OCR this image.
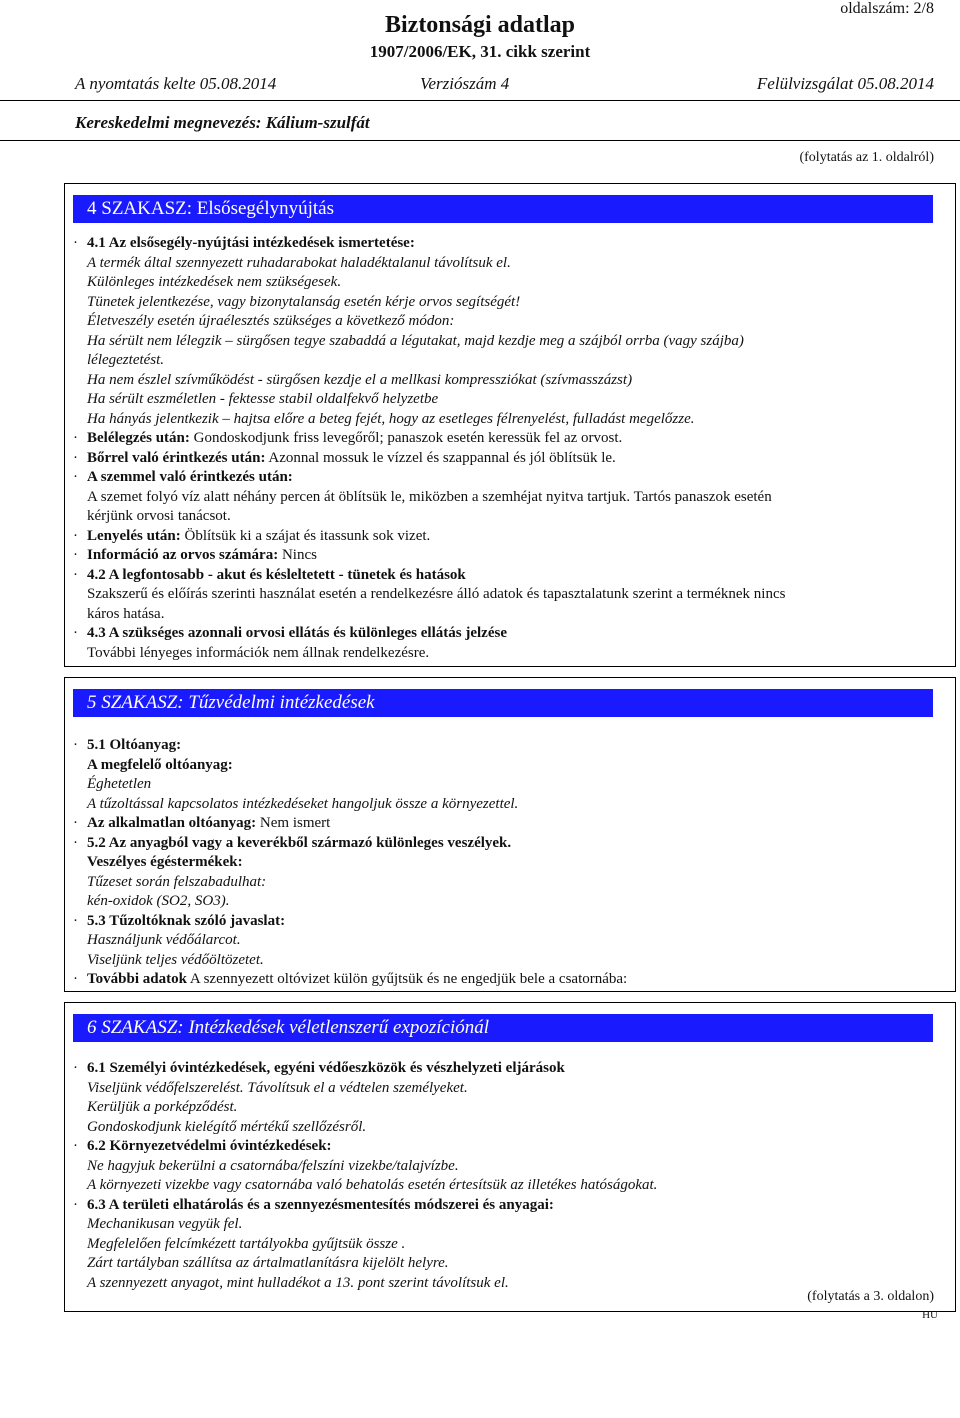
oldalszám: 2/8
Biztonsági adatlap
1907/2006/EK, 31. cikk szerint
A nyomtatás kelte 05.08.2014	Verziószám 4	Felülvizsgálat 05.08.2014
Kereskedelmi megnevezés: Kálium-szulfát
(folytatás az 1. oldalról)
4 SZAKASZ: Elsősegélynyújtás
· 4.1 Az elsősegély-nyújtási intézkedések ismertetése:
A termék által szennyezett ruhadarabokat haladéktalanul távolítsuk el.
Különleges intézkedések nem szükségesek.
Tünetek jelentkezése, vagy bizonytalanság esetén kérje orvos segítségét!
Életveszély esetén újraélesztés szükséges a következő módon:
Ha sérült nem lélegzik – sürgősen tegye szabaddá a légutakat, majd kezdje meg a szájból orrba (vagy szájba)
lélegeztetést.
Ha nem észlel szívműködést - sürgősen kezdje el a mellkasi kompressziókat (szívmasszázst)
Ha sérült eszméletlen - fektesse stabil oldalfekvő helyzetbe
Ha hányás jelentkezik – hajtsa előre a beteg fejét, hogy az esetleges félrenyelést, fulladást megelőzze.
· Belélegzés után: Gondoskodjunk friss levegőről; panaszok esetén keressük fel az orvost.
· Bőrrel való érintkezés után: Azonnal mossuk le vízzel és szappannal és jól öblítsük le.
· A szemmel való érintkezés után:
A szemet folyó víz alatt néhány percen át öblítsük le, miközben a szemhéjat nyitva tartjuk. Tartós panaszok esetén
kérjünk orvosi tanácsot.
· Lenyelés után: Öblítsük ki a szájat és itassunk sok vizet.
· Információ az orvos számára: Nincs
· 4.2 A legfontosabb - akut és késleltetett - tünetek és hatások
Szakszerű és előírás szerinti használat esetén a rendelkezésre álló adatok és tapasztalatunk szerint a terméknek nincs
káros hatása.
· 4.3 A szükséges azonnali orvosi ellátás és különleges ellátás jelzése
További lényeges információk nem állnak rendelkezésre.
5 SZAKASZ: Tűzvédelmi intézkedések
· 5.1 Oltóanyag:
A megfelelő oltóanyag:
Éghetetlen
A tűzoltással kapcsolatos intézkedéseket hangoljuk össze a környezettel.
· Az alkalmatlan oltóanyag: Nem ismert
· 5.2 Az anyagból vagy a keverékből származó különleges veszélyek.
Veszélyes égéstermékek:
Tűzeset során felszabadulhat:
kén-oxidok (SO2, SO3).
· 5.3 Tűzoltóknak szóló javaslat:
Használjunk védőálarcot.
Viseljünk teljes védőöltözetet.
· További adatok A szennyezett oltóvizet külön gyűjtsük és ne engedjük bele a csatornába:
6 SZAKASZ: Intézkedések véletlenszerű expozíciónál
· 6.1 Személyi óvintézkedések, egyéni védőeszközök és vészhelyzeti eljárások
Viseljünk védőfelszerelést. Távolítsuk el a védtelen személyeket.
Kerüljük a porképződést.
Gondoskodjunk kielégítő mértékű szellőzésről.
· 6.2 Környezetvédelmi óvintézkedések:
Ne hagyjuk bekerülni a csatornába/felszíni vizekbe/talajvízbe.
A környezeti vizekbe vagy csatornába való behatolás esetén értesítsük az illetékes hatóságokat.
· 6.3 A területi elhatárolás és a szennyezésmentesítés módszerei és anyagai:
Mechanikusan vegyük fel.
Megfelelően felcímkézett tartályokba gyűjtsük össze .
Zárt tartályban szállítsa az ártalmatlanításra kijelölt helyre.
A szennyezett anyagot, mint hulladékot a 13. pont szerint távolítsuk el.
(folytatás a 3. oldalon)
HU
